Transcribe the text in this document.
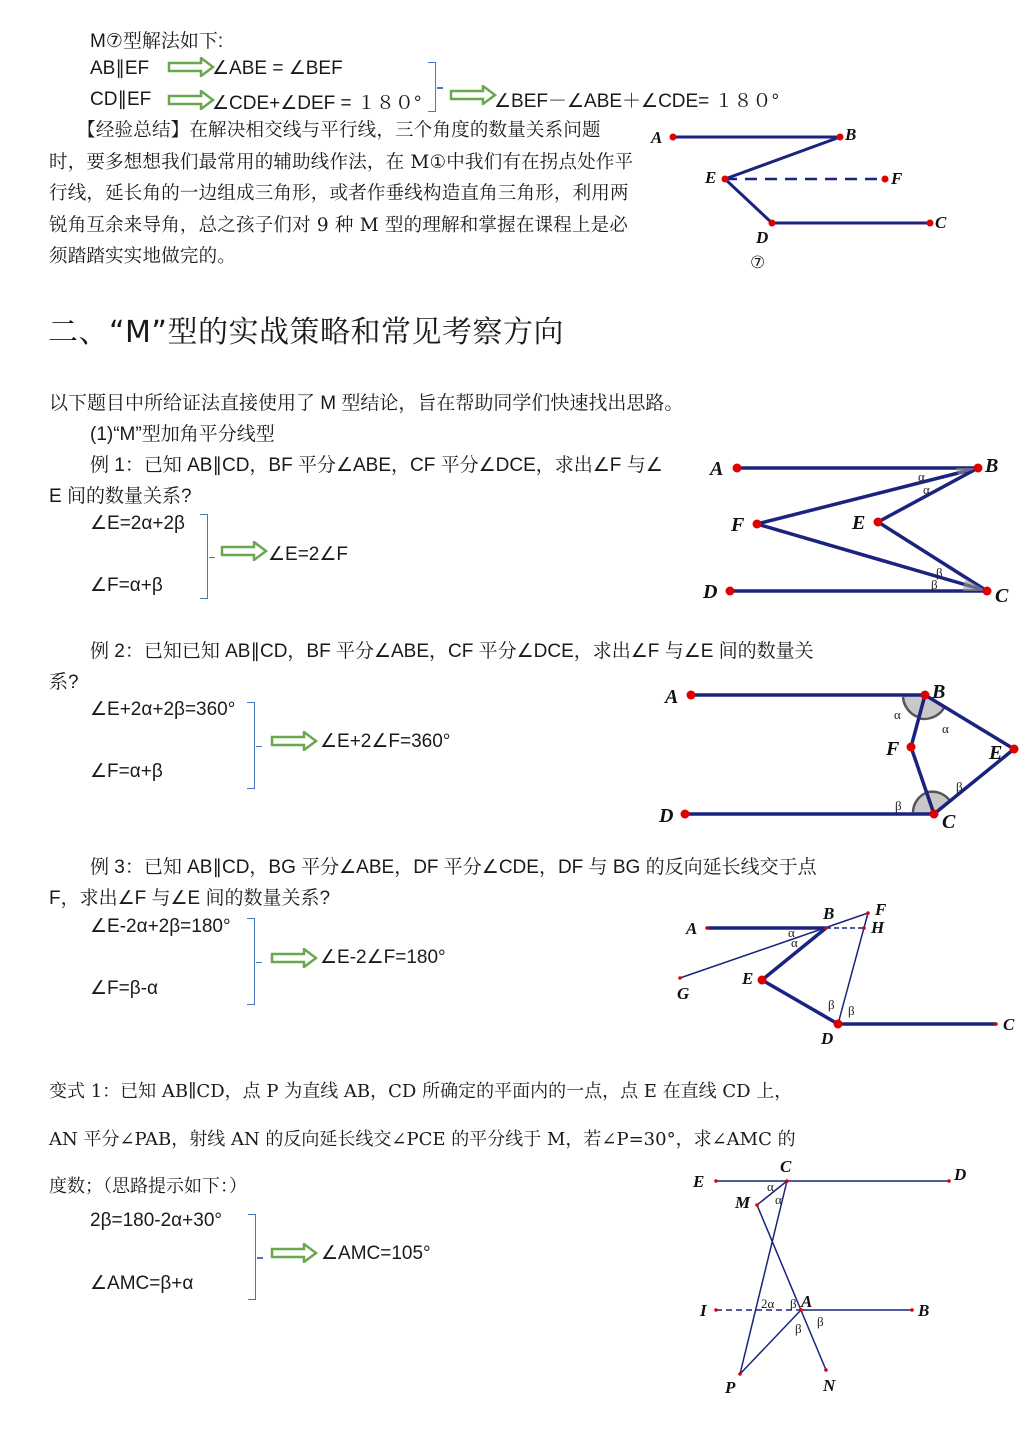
M⑦型解法如下:
AB∥EF	∠ABE = ∠BEF
CD∥EF	∠CDE+∠DEF = １８０°	∠BEF－∠ABE＋∠CDE= １８０°
　　【经验总结】在解决相交线与平行线，三个角度的数量关系问题时，要多想想我们最常用的辅助线作法，在 M①中我们有在拐点处作平行线，延长角的一边组成三角形，或者作垂线构造直角三角形，利用两锐角互余来导角，总之孩子们对 9 种 M 型的理解和掌握在课程上是必须踏踏实实地做完的。
A	B
E	F
D
C
⑦
二、“M”型的实战策略和常见考察方向
以下题目中所给证法直接使用了 M 型结论，旨在帮助同学们快速找出思路。
(1)“M”型加角平分线型
例 1：已知 AB∥CD，BF 平分∠ABE，CF 平分∠DCE，求出∠F 与∠
E 间的数量关系?
∠E=2α+2β
∠F=α+β
∠E=2∠F
A	B
F	E
D	C
α
α
β
β
例 2：已知已知 AB∥CD，BF 平分∠ABE，CF 平分∠DCE，求出∠F 与∠E 间的数量关
系?
∠E+2α+2β=360°
∠F=α+β
∠E+2∠F=360°
A	B
F	E
D	C
α
α
β
β
例 3：已知 AB∥CD，BG 平分∠ABE，DF 平分∠CDE，DF 与 BG 的反向延长线交于点
F，求出∠F 与∠E 间的数量关系?
∠E-2α+2β=180°
∠F=β-α
∠E-2∠F=180°
A
B F
H
G
E
D
C
α
α
β β
变式 1：已知 AB∥CD，点 P 为直线 AB，CD 所确定的平面内的一点，点 E 在直线 CD 上，
AN 平分∠PAB，射线 AN 的反向延长线交∠PCE 的平分线于 M，若∠P=30°，求∠AMC 的
度数；（思路提示如下：）
2β=180-2α+30°
∠AMC=β+α
∠AMC=105°
E
C	D
M
I	A	B
P	N
α
α
2α β
β β
